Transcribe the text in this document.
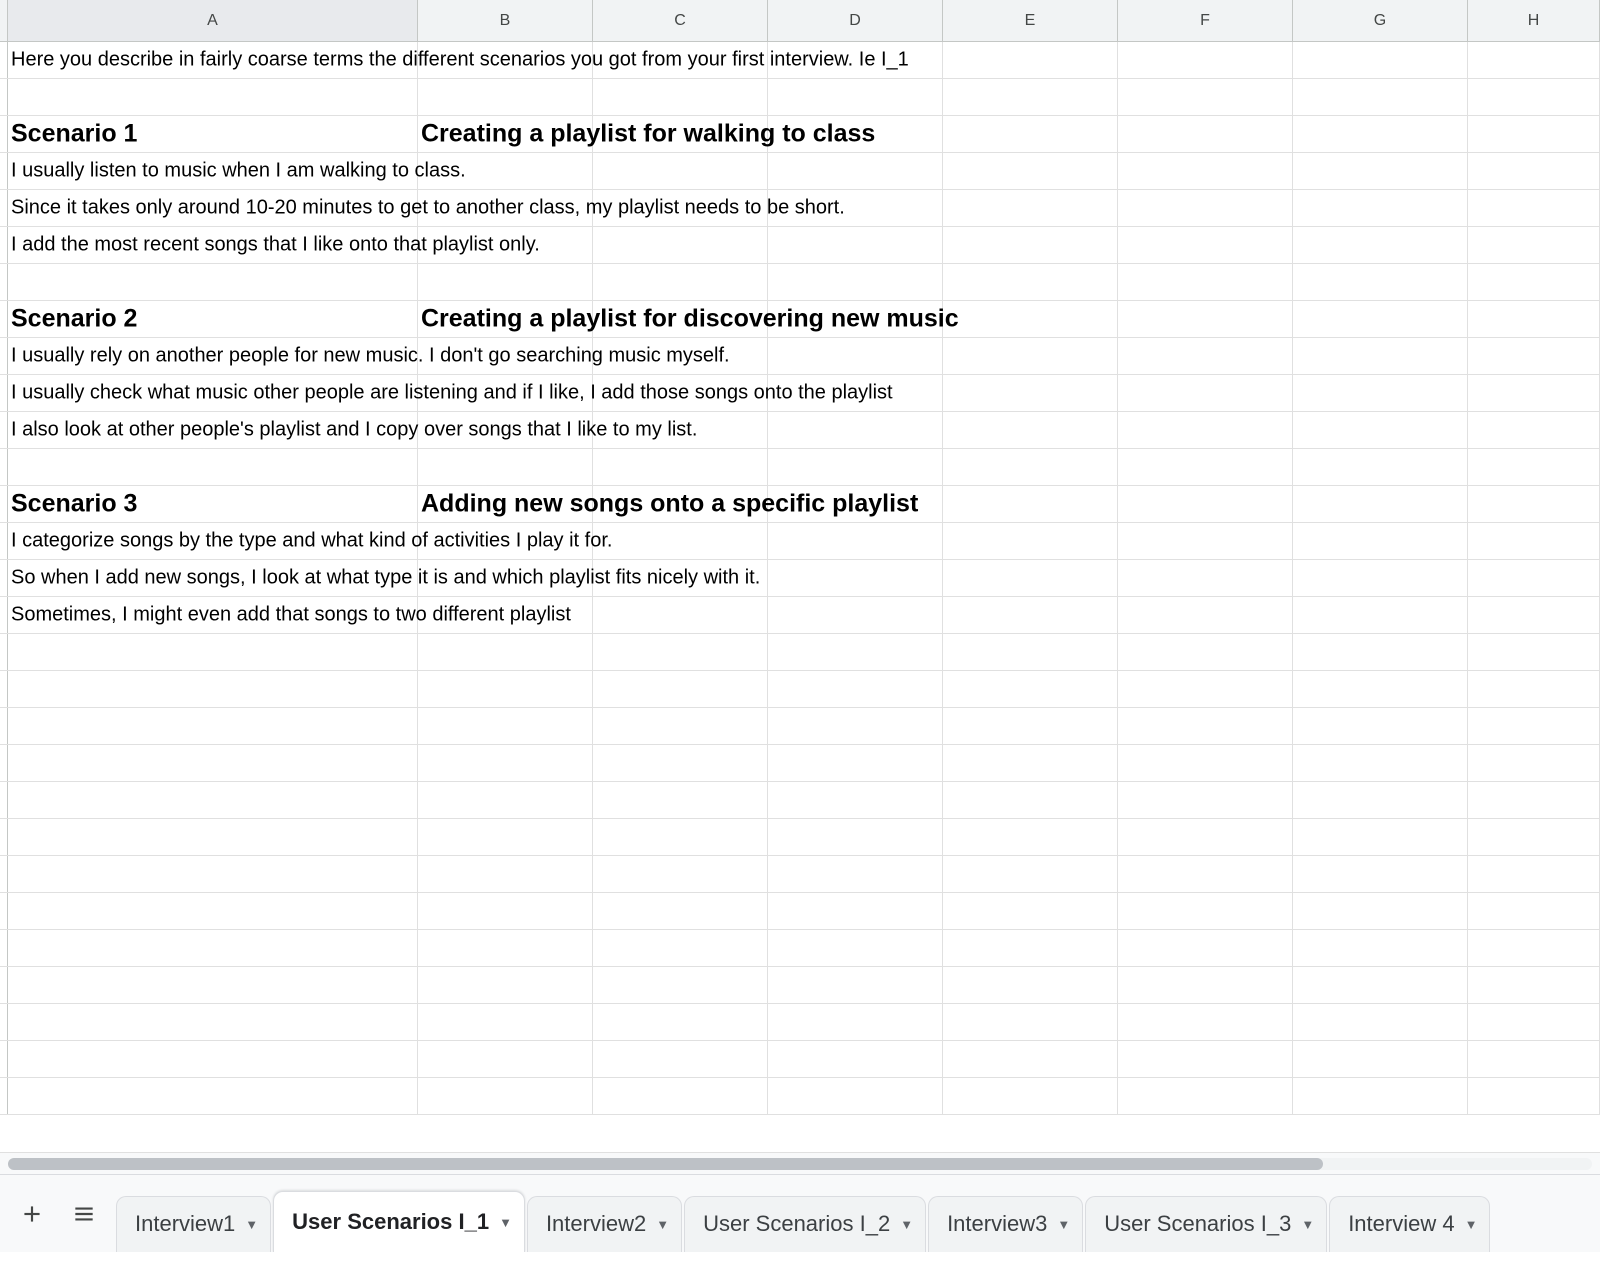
A	B	C	D	E	F	G	H
Here you describe in fairly coarse terms the different scenarios you got from your first interview. Ie I_1
Scenario 1	Creating a playlist for walking to class
I usually listen to music when I am walking to class.
Since it takes only around 10-20 minutes to get to another class, my playlist needs to be short.
I add the most recent songs that I like onto that playlist only.
Scenario 2	Creating a playlist for discovering new music
I usually rely on another people for new music. I don't go searching music myself.
I usually check what music other people are listening and if I like, I add those songs onto the playlist
I also look at other people's playlist and I copy over songs that I like to my list.
Scenario 3	Adding new songs onto a specific playlist
I categorize songs by the type and what kind of activities I play it for.
So when I add new songs, I look at what type it is and which playlist fits nicely with it.
Sometimes, I might even add that songs to two different playlist
Interview1 ▼ User Scenarios I_1 ▼ Interview2 ▼ User Scenarios I_2 ▼ Interview3 ▼ User Scenarios I_3 ▼ Interview 4 ▼
